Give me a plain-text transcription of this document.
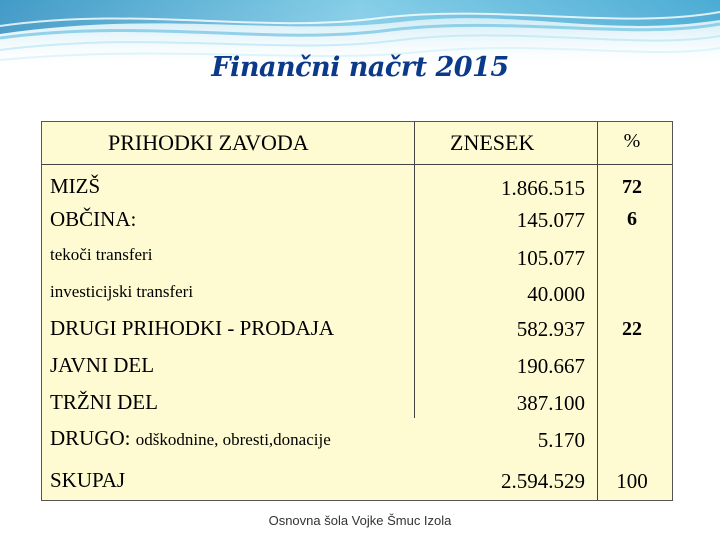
Finančni načrt 2015
PRIHODKI ZAVODA	ZNESEK	%
MIZŠ	1.866.515	72
OBČINA:	145.077	6
tekoči transferi	105.077
investicijski transferi	40.000
DRUGI PRIHODKI - PRODAJA	582.937	22
JAVNI DEL	190.667
TRŽNI DEL	387.100
DRUGO: odškodnine, obresti,donacije	5.170
SKUPAJ	2.594.529	100
Osnovna šola Vojke Šmuc Izola
